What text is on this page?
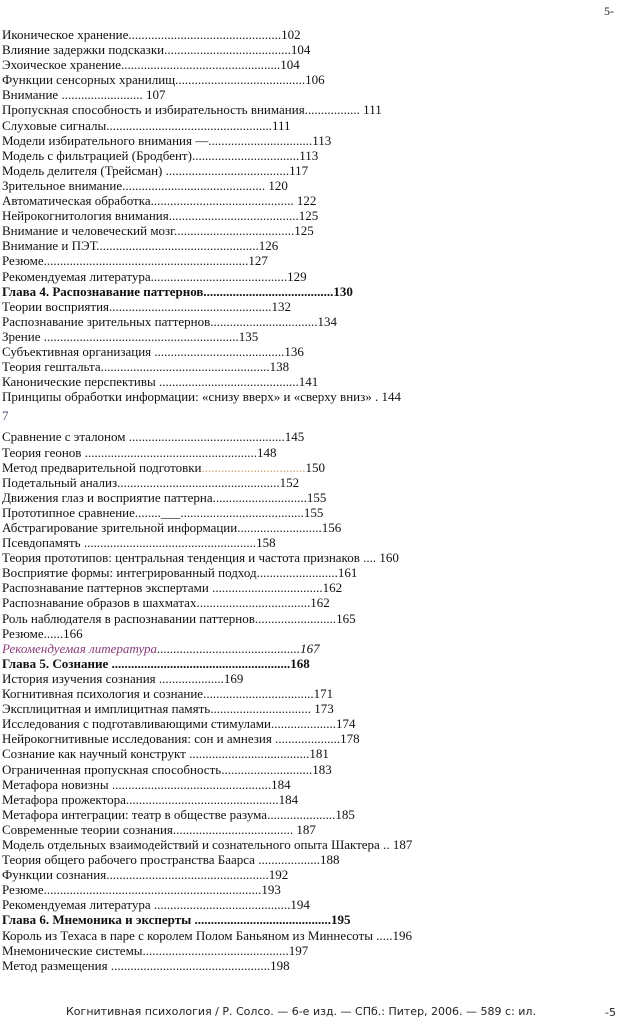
5-
Иконическое хранение...............................................102
Влияние задержки подсказки.......................................104
Эхоическое хранение.................................................104
Функции сенсорных хранилищ........................................106
Внимание ......................... 107
Пропускная способность и избирательность внимания................. 111
Слуховые сигналы...................................................111
Модели избирательного внимания —................................113
Модель с фильтрацией (Бродбент).................................113
Модель делителя (Трейсман) ......................................117
Зрительное внимание............................................ 120
Автоматическая обработка............................................ 122
Нейрокогнитология внимания........................................125
Внимание и человеческий мозг.....................................125
Внимание и ПЭТ..................................................126
Резюме...............................................................127
Рекомендуемая литература..........................................129
Глава 4. Распознавание паттернов........................................130
Теории восприятия..................................................132
Распознавание зрительных паттернов.................................134
Зрение ............................................................135
Субъективная организация ........................................136
Теория гештальта....................................................138
Канонические перспективы ...........................................141
Принципы обработки информации: «снизу вверх» и «сверху вниз» . 144
7
Сравнение с эталоном ................................................145
Теория геонов .....................................................148
Метод предварительной подготовки................................150
Подетальный анализ..................................................152
Движения глаз и восприятие паттерна.............................155
Прототипное сравнение........___......................................155
Абстрагирование зрительной информации..........................156
Псевдопамять .....................................................158
Теория прототипов: центральная тенденция и частота признаков .... 160
Восприятие формы: интегрированный подход.........................161
Распознавание паттернов экспертами ..................................162
Распознавание образов в шахматах...................................162
Роль наблюдателя в распознавании паттернов.........................165
Резюме......166
Рекомендуемая литература............................................167
Глава 5. Сознание .......................................................168
История изучения сознания ....................169
Когнитивная психология и сознание..................................171
Эксплицитная и имплицитная память............................... 173
Исследования с подготавливающими стимулами....................174
Нейрокогнитивные исследования: сон и амнезия ....................178
Сознание как научный конструкт .....................................181
Ограниченная пропускная способность............................183
Метафора новизны .................................................184
Метафора прожектора...............................................184
Метафора интеграции: театр в обществе разума.....................185
Современные теории сознания..................................... 187
Модель отдельных взаимодействий и сознательного опыта Шактера .. 187
Теория общего рабочего пространства Баарса ...................188
Функции сознания..................................................192
Резюме...................................................................193
Рекомендуемая литература ..........................................194
Глава 6. Мнемоника и эксперты ..........................................195
Король из Техаса в паре с королем Полом Баньяном из Миннесоты .....196
Мнемонические системы.............................................197
Метод размещения .................................................198
Когнитивная психология / Р. Солсо. — 6-е изд. — СПб.: Питер, 2006. — 589 с: ил.	-5
